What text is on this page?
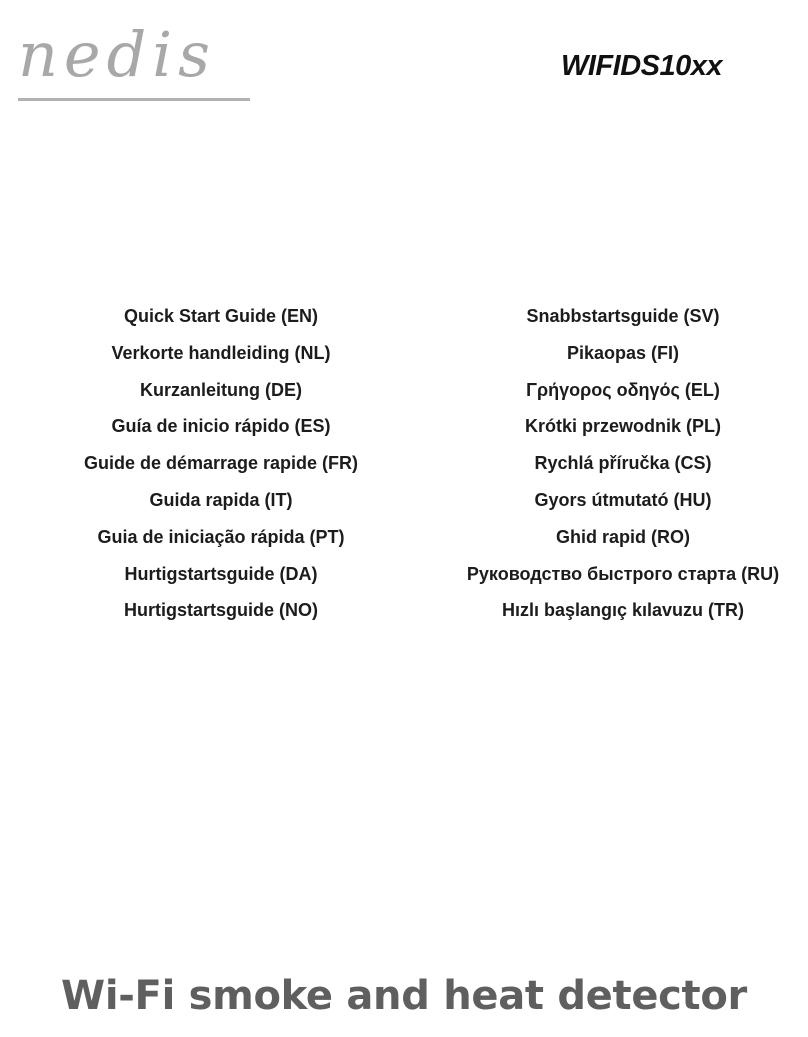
nedis	WIFIDS10xx
Quick Start Guide (EN)
Verkorte handleiding (NL)
Kurzanleitung (DE)
Guía de inicio rápido (ES)
Guide de démarrage rapide (FR)
Guida rapida (IT)
Guia de iniciação rápida (PT)
Hurtigstartsguide (DA)
Hurtigstartsguide (NO)
Snabbstartsguide (SV)
Pikaopas (FI)
Γρήγορος οδηγός (EL)
Krótki przewodnik (PL)
Rychlá příručka (CS)
Gyors útmutató (HU)
Ghid rapid (RO)
Руководство быстрого старта (RU)
Hızlı başlangıç kılavuzu (TR)
Wi-Fi smoke and heat detector
